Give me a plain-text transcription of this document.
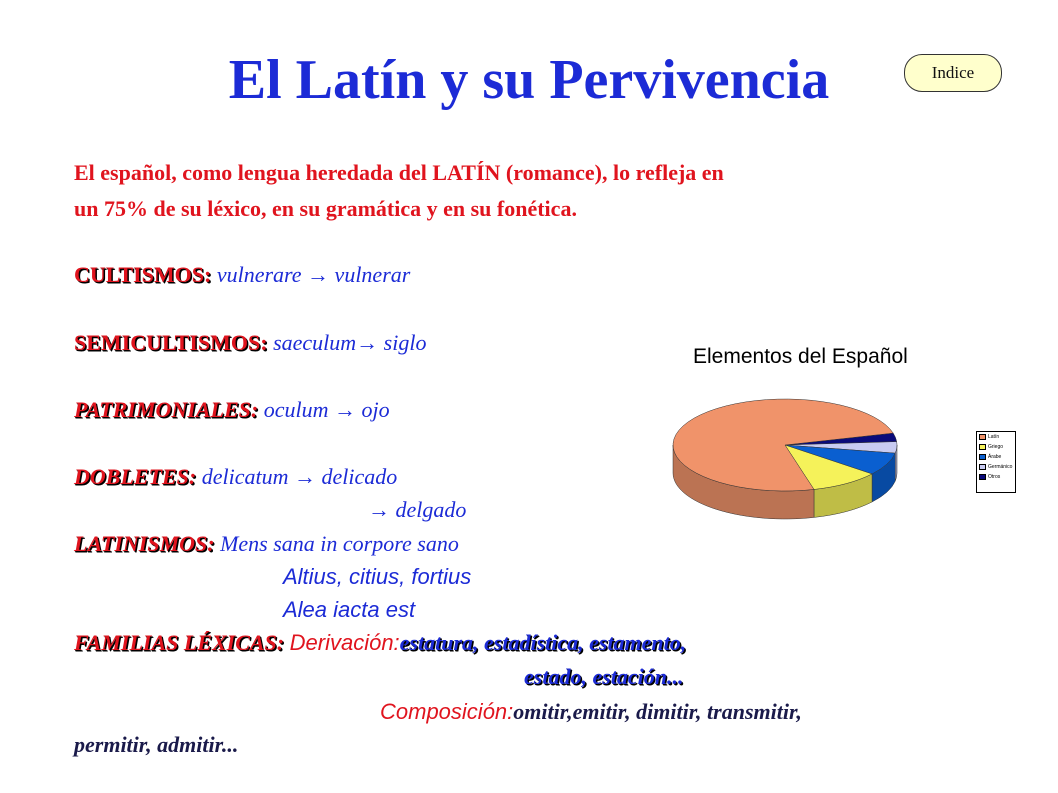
El Latín y su Pervivencia	Indice
El español, como lengua heredada del LATÍN (romance), lo refleja en
un 75% de su léxico, en su gramática y en su fonética.
CULTISMOS: vulnerare → vulnerar
SEMICULTISMOS: saeculum→ siglo
PATRIMONIALES: oculum → ojo
DOBLETES: delicatum → delicado
→ delgado
LATINISMOS: Mens sana in corpore sano
Altius, citius, fortius
Alea iacta est
FAMILIAS LÉXICAS: Derivación:estatura, estadística, estamento,
estado, estación...
Composición:omitir,emitir, dimitir, transmitir,
permitir, admitir...
Elementos del Español
Latín
Griego
Árabe
Germánico
Otros
